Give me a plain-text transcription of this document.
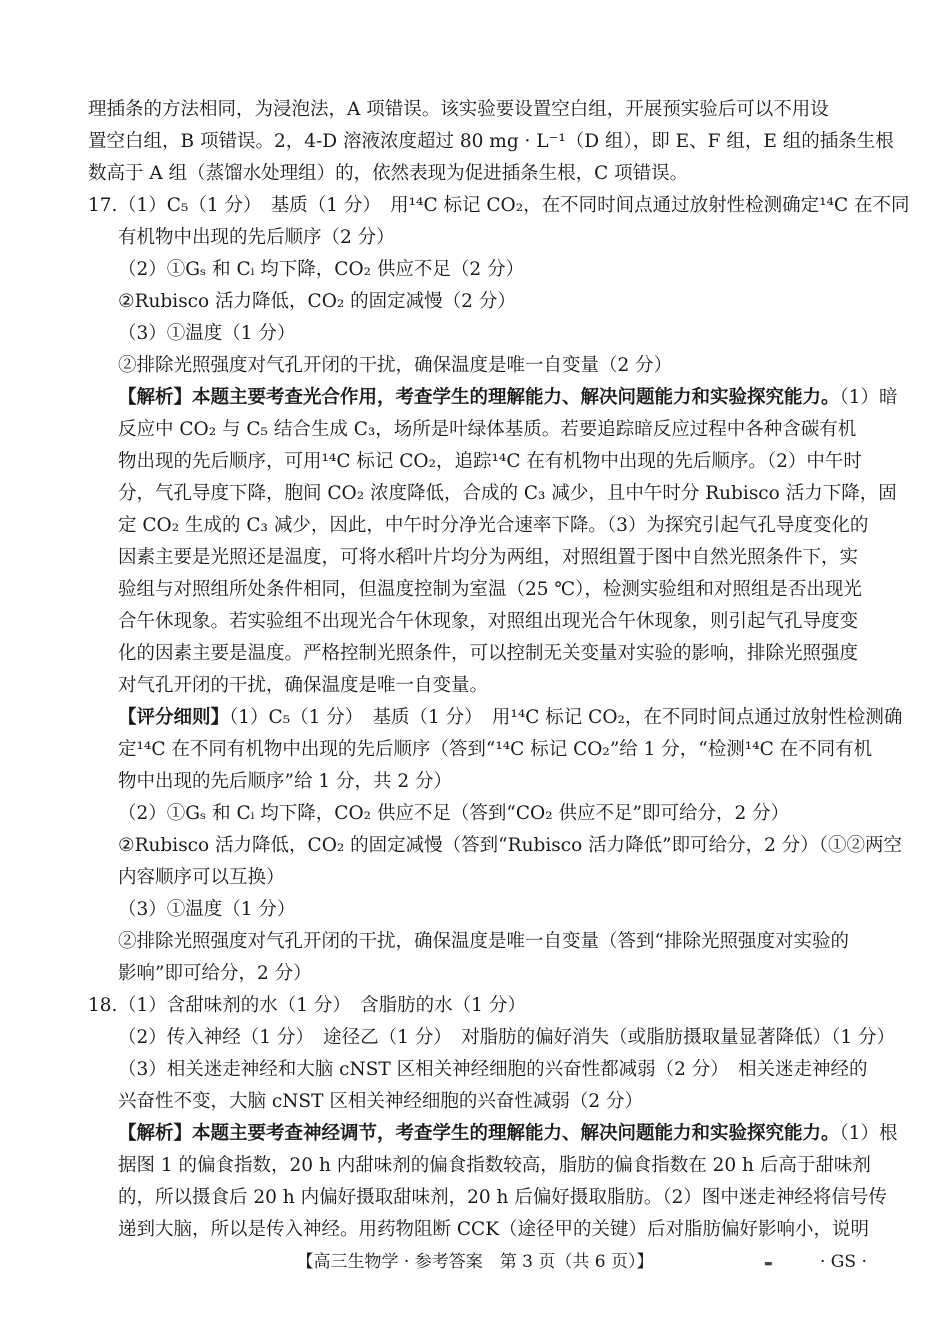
理插条的方法相同，为浸泡法，A 项错误。该实验要设置空白组，开展预实验后可以不用设
置空白组，B 项错误。2，4-D 溶液浓度超过 80 mg · L⁻¹（D 组），即 E、F 组，E 组的插条生根
数高于 A 组（蒸馏水处理组）的，依然表现为促进插条生根，C 项错误。
17.（1）C₅（1 分）　基质（1 分）　用¹⁴C 标记 CO₂，在不同时间点通过放射性检测确定¹⁴C 在不同
有机物中出现的先后顺序（2 分）
（2）①Gₛ 和 Cᵢ 均下降，CO₂ 供应不足（2 分）
②Rubisco 活力降低，CO₂ 的固定减慢（2 分）
（3）①温度（1 分）
②排除光照强度对气孔开闭的干扰，确保温度是唯一自变量（2 分）
【解析】本题主要考查光合作用，考查学生的理解能力、解决问题能力和实验探究能力。（1）暗
反应中 CO₂ 与 C₅ 结合生成 C₃，场所是叶绿体基质。若要追踪暗反应过程中各种含碳有机
物出现的先后顺序，可用¹⁴C 标记 CO₂，追踪¹⁴C 在有机物中出现的先后顺序。（2）中午时
分，气孔导度下降，胞间 CO₂ 浓度降低，合成的 C₃ 减少，且中午时分 Rubisco 活力下降，固
定 CO₂ 生成的 C₃ 减少，因此，中午时分净光合速率下降。（3）为探究引起气孔导度变化的
因素主要是光照还是温度，可将水稻叶片均分为两组，对照组置于图中自然光照条件下，实
验组与对照组所处条件相同，但温度控制为室温（25 ℃），检测实验组和对照组是否出现光
合午休现象。若实验组不出现光合午休现象，对照组出现光合午休现象，则引起气孔导度变
化的因素主要是温度。严格控制光照条件，可以控制无关变量对实验的影响，排除光照强度
对气孔开闭的干扰，确保温度是唯一自变量。
【评分细则】（1）C₅（1 分）　基质（1 分）　用¹⁴C 标记 CO₂，在不同时间点通过放射性检测确
定¹⁴C 在不同有机物中出现的先后顺序（答到“¹⁴C 标记 CO₂”给 1 分，“检测¹⁴C 在不同有机
物中出现的先后顺序”给 1 分，共 2 分）
（2）①Gₛ 和 Cᵢ 均下降，CO₂ 供应不足（答到“CO₂ 供应不足”即可给分，2 分）
②Rubisco 活力降低，CO₂ 的固定减慢（答到“Rubisco 活力降低”即可给分，2 分）（①②两空
内容顺序可以互换）
（3）①温度（1 分）
②排除光照强度对气孔开闭的干扰，确保温度是唯一自变量（答到“排除光照强度对实验的
影响”即可给分，2 分）
18.（1）含甜味剂的水（1 分）　含脂肪的水（1 分）
（2）传入神经（1 分）　途径乙（1 分）　对脂肪的偏好消失（或脂肪摄取量显著降低）（1 分）
（3）相关迷走神经和大脑 cNST 区相关神经细胞的兴奋性都减弱（2 分）　相关迷走神经的
兴奋性不变，大脑 cNST 区相关神经细胞的兴奋性减弱（2 分）
【解析】本题主要考查神经调节，考查学生的理解能力、解决问题能力和实验探究能力。（1）根
据图 1 的偏食指数，20 h 内甜味剂的偏食指数较高，脂肪的偏食指数在 20 h 后高于甜味剂
的，所以摄食后 20 h 内偏好摄取甜味剂，20 h 后偏好摄取脂肪。（2）图中迷走神经将信号传
递到大脑，所以是传入神经。用药物阻断 CCK（途径甲的关键）后对脂肪偏好影响小，说明
【高三生物学 · 参考答案　第 3 页（共 6 页）】	▬	· GS ·
